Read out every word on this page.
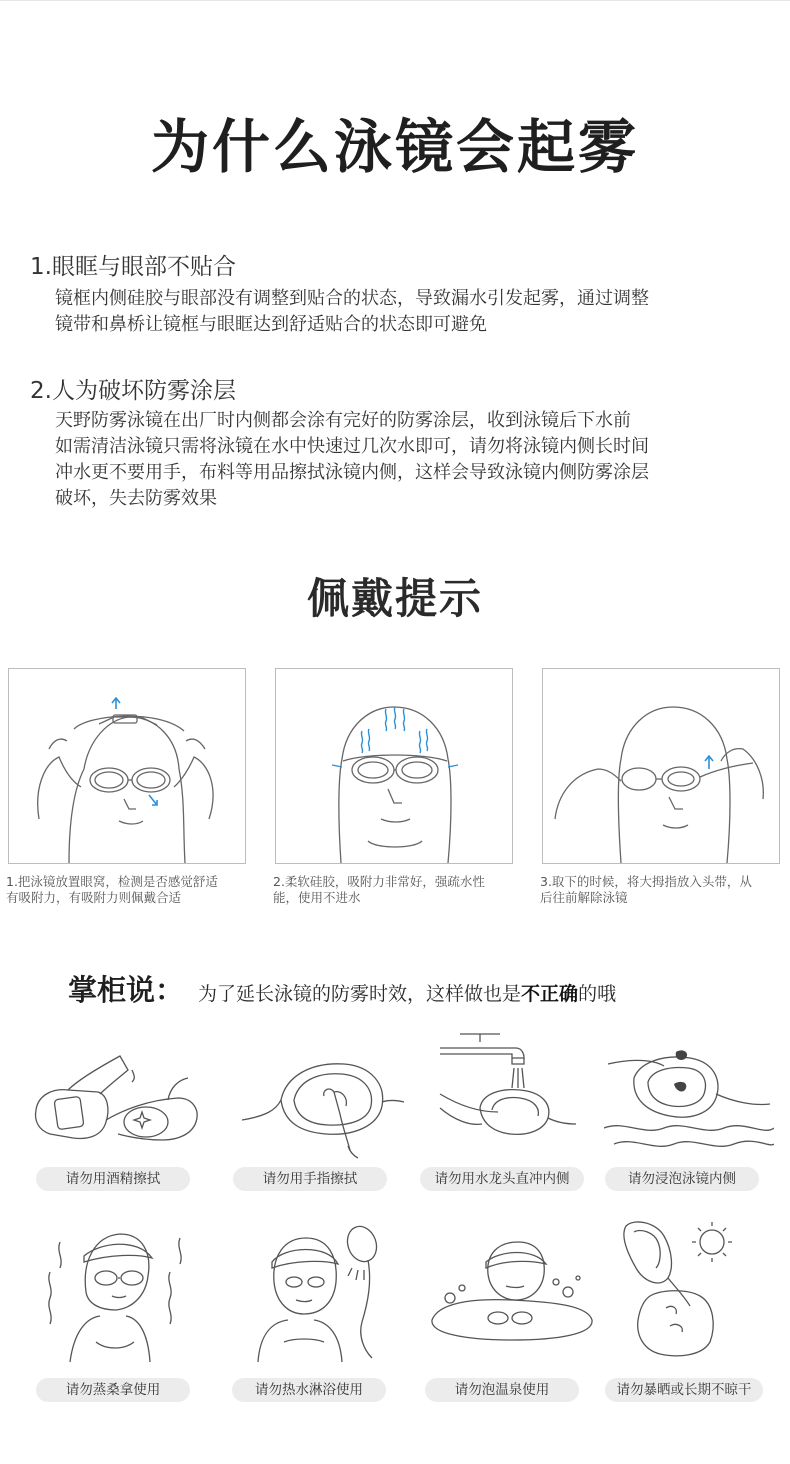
为什么泳镜会起雾
1.眼眶与眼部不贴合
镜框内侧硅胶与眼部没有调整到贴合的状态，导致漏水引发起雾，通过调整
镜带和鼻桥让镜框与眼眶达到舒适贴合的状态即可避免
2.人为破坏防雾涂层
天野防雾泳镜在出厂时内侧都会涂有完好的防雾涂层，收到泳镜后下水前
如需清洁泳镜只需将泳镜在水中快速过几次水即可，请勿将泳镜内侧长时间
冲水更不要用手，布料等用品擦拭泳镜内侧，这样会导致泳镜内侧防雾涂层
破坏，失去防雾效果
佩戴提示
1.把泳镜放置眼窝，检测是否感觉舒适
有吸附力，有吸附力则佩戴合适
2.柔软硅胶，吸附力非常好，强疏水性
能，使用不进水
3.取下的时候，将大拇指放入头带，从
后往前解除泳镜
掌柜说 ： 为了延长泳镜的防雾时效，这样做也是 不正确 的哦
请勿用酒精擦拭	请勿用手指擦拭	请勿用水龙头直冲内侧	请勿浸泡泳镜内侧
请勿蒸桑拿使用	请勿热水淋浴使用	请勿泡温泉使用	请勿暴晒或长期不晾干
